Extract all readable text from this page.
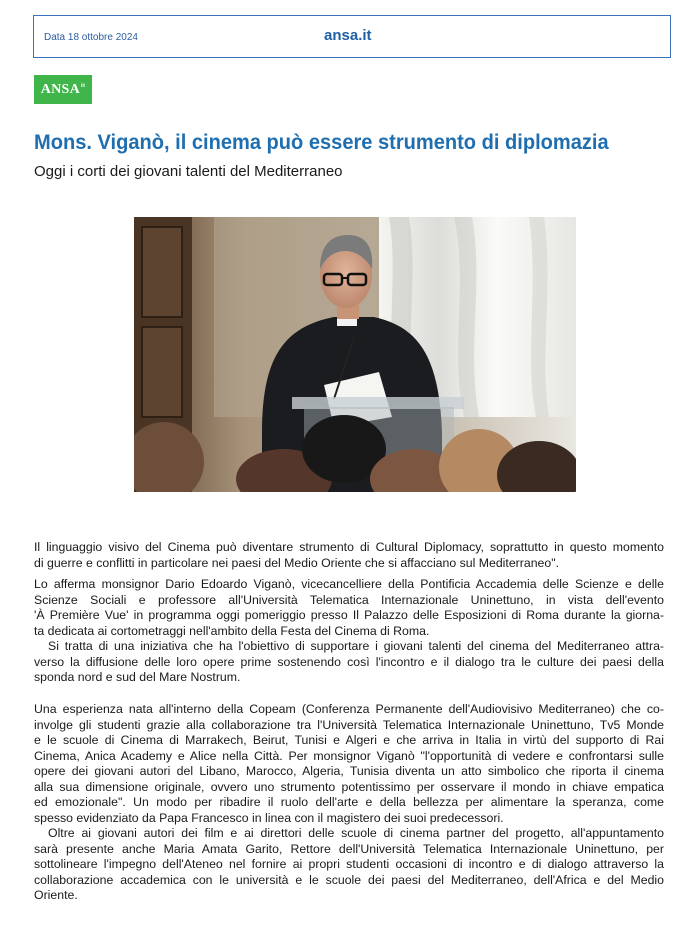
Data 18 ottobre 2024	ansa.it
$ANSA^{it}$
Mons. Viganò, il cinema può essere strumento di diplomazia
Oggi i corti dei giovani talenti del Mediterraneo
Il linguaggio visivo del Cinema può diventare strumento di Cultural Diplomacy, soprattutto in questo momento
di guerre e conflitti in particolare nei paesi del Medio Oriente che si affacciano sul Mediterraneo".
Lo afferma monsignor Dario Edoardo Viganò, vicecancelliere della Pontificia Accademia delle Scienze e delle
Scienze Sociali e professore all'Università Telematica Internazionale Uninettuno, in vista dell'evento
'À Première Vue' in programma oggi pomeriggio presso Il Palazzo delle Esposizioni di Roma durante la giorna-
ta dedicata ai cortometraggi nell'ambito della Festa del Cinema di Roma.
Si tratta di una iniziativa che ha l'obiettivo di supportare i giovani talenti del cinema del Mediterraneo attra-
verso la diffusione delle loro opere prime sostenendo così l'incontro e il dialogo tra le culture dei paesi della
sponda nord e sud del Mare Nostrum.
Una esperienza nata all'interno della Copeam (Conferenza Permanente dell'Audiovisivo Mediterraneo) che co-
involge gli studenti grazie alla collaborazione tra l'Università Telematica Internazionale Uninettuno, Tv5 Monde
e le scuole di Cinema di Marrakech, Beirut, Tunisi e Algeri e che arriva in Italia in virtù del supporto di Rai
Cinema, Anica Academy e Alice nella Città. Per monsignor Viganò "l'opportunità di vedere e confrontarsi sulle
opere dei giovani autori del Libano, Marocco, Algeria, Tunisia diventa un atto simbolico che riporta il cinema
alla sua dimensione originale, ovvero uno strumento potentissimo per osservare il mondo in chiave empatica
ed emozionale". Un modo per ribadire il ruolo dell'arte e della bellezza per alimentare la speranza, come
spesso evidenziato da Papa Francesco in linea con il magistero dei suoi predecessori.
Oltre ai giovani autori dei film e ai direttori delle scuole di cinema partner del progetto, all'appuntamento
sarà presente anche Maria Amata Garito, Rettore dell'Università Telematica Internazionale Uninettuno, per
sottolineare l'impegno dell'Ateneo nel fornire ai propri studenti occasioni di incontro e di dialogo attraverso la
collaborazione accademica con le università e le scuole dei paesi del Mediterraneo, dell'Africa e del Medio
Oriente.
